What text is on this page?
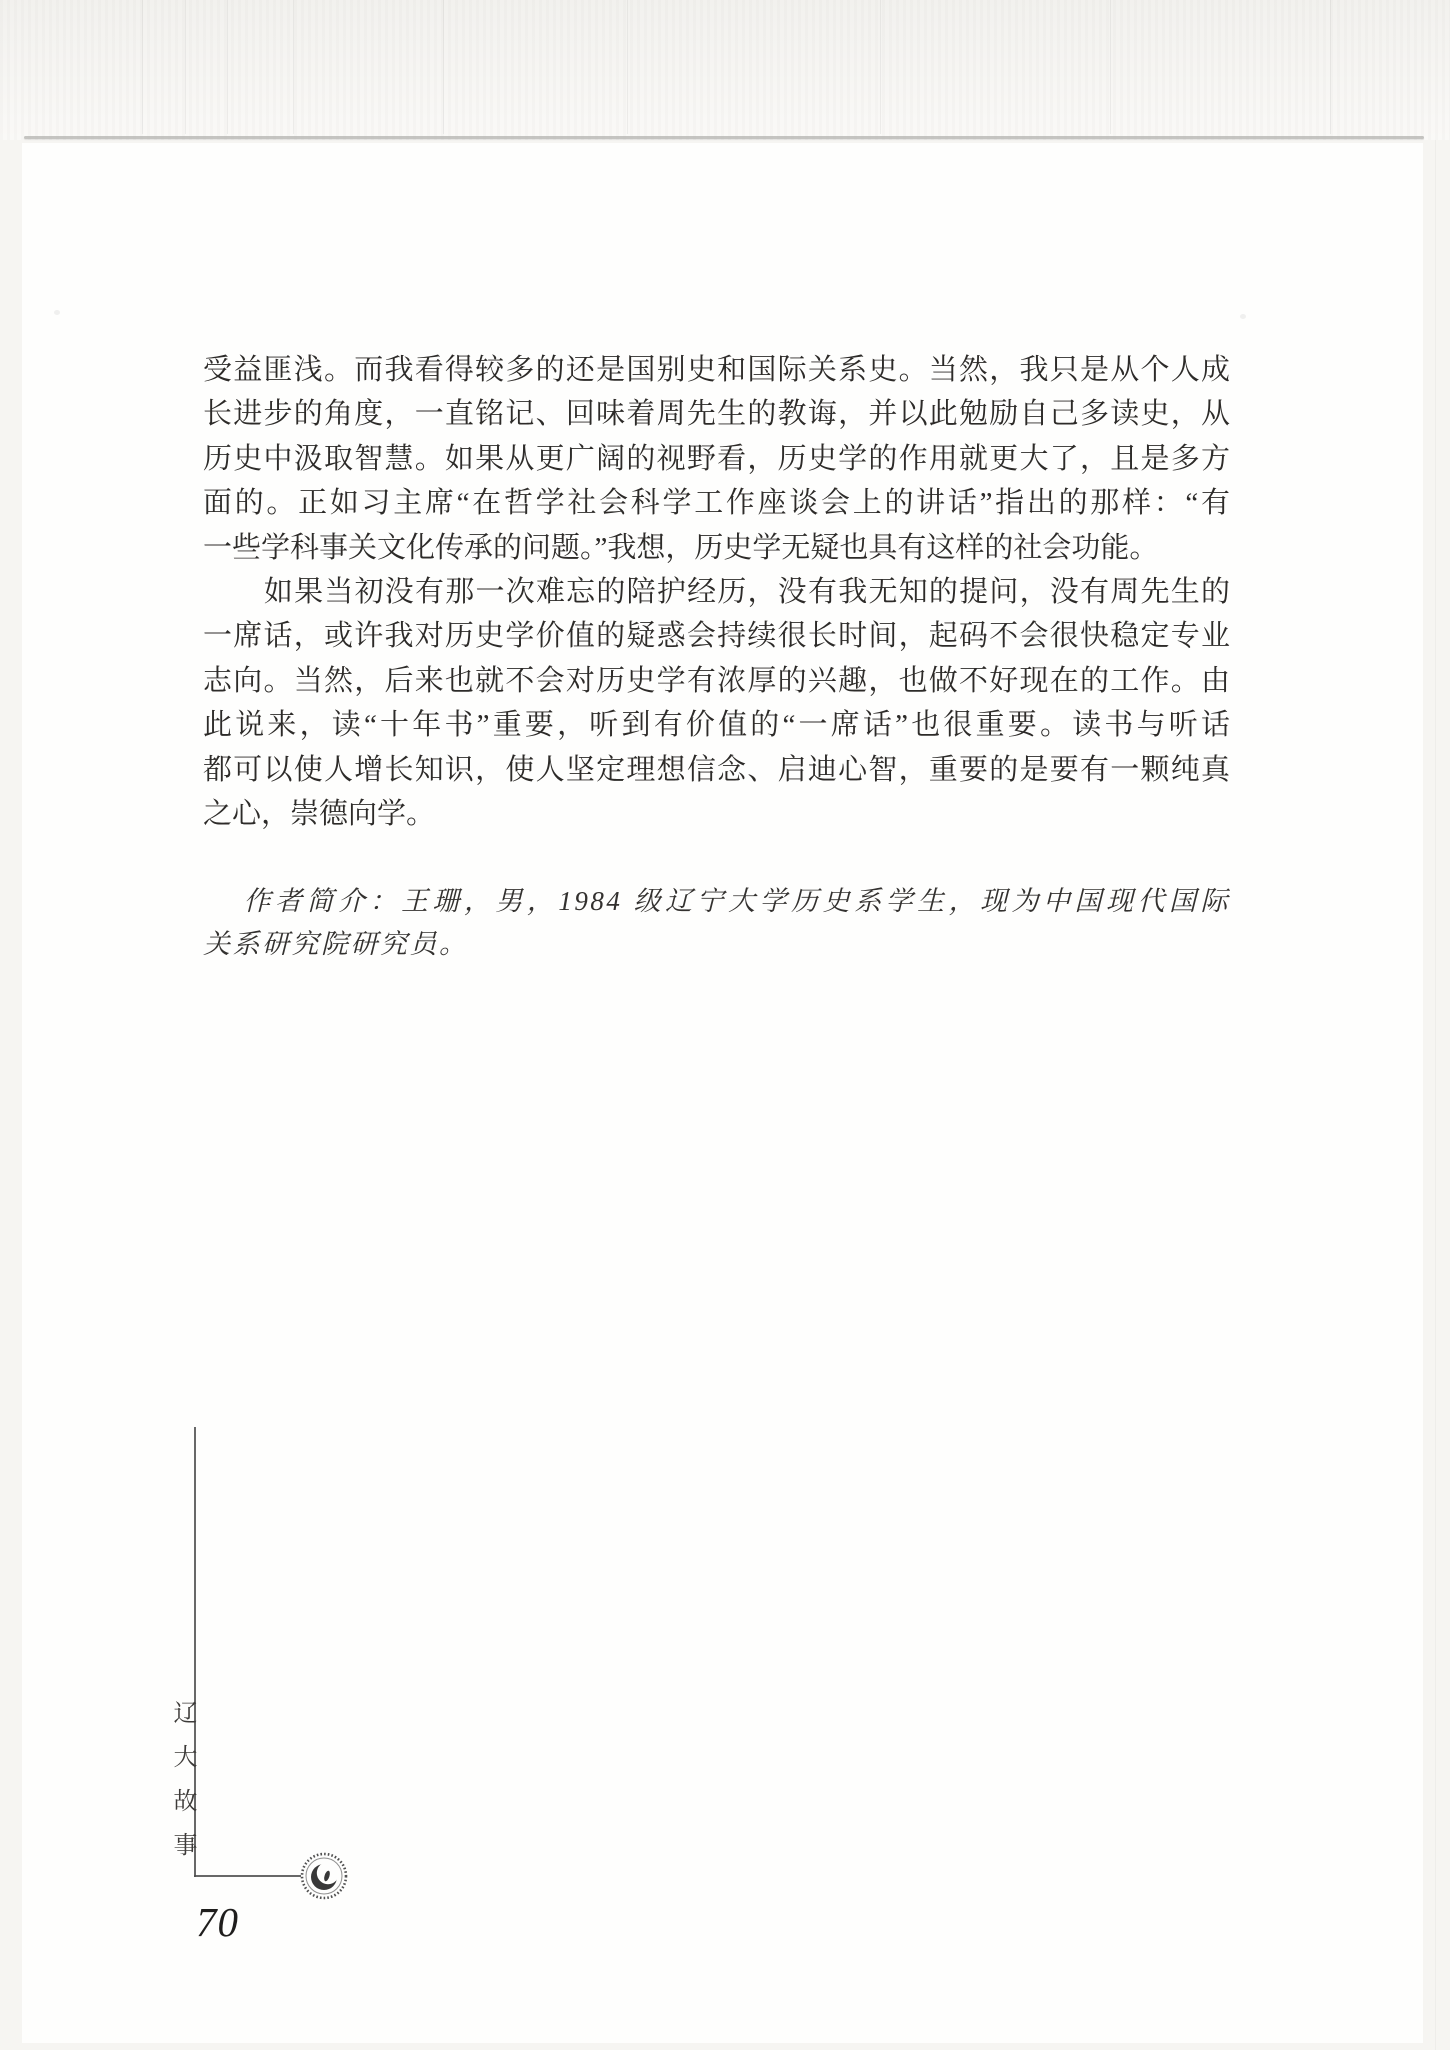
受益匪浅。而我看得较多的还是国别史和国际关系史。当然，我只是从个人成
长进步的角度，一直铭记、回味着周先生的教诲，并以此勉励自己多读史，从
历史中汲取智慧。如果从更广阔的视野看，历史学的作用就更大了，且是多方
面的。正如习主席“在哲学社会科学工作座谈会上的讲话”指出的那样：“有
一些学科事关文化传承的问题。”我想，历史学无疑也具有这样的社会功能。
如果当初没有那一次难忘的陪护经历，没有我无知的提问，没有周先生的
一席话，或许我对历史学价值的疑惑会持续很长时间，起码不会很快稳定专业
志向。当然，后来也就不会对历史学有浓厚的兴趣，也做不好现在的工作。由
此说来，读“十年书”重要，听到有价值的“一席话”也很重要。读书与听话
都可以使人增长知识，使人坚定理想信念、启迪心智，重要的是要有一颗纯真
之心，崇德向学。
作者简介：王珊，男，1984 级辽宁大学历史系学生，现为中国现代国际
关系研究院研究员。
辽大故事
70
